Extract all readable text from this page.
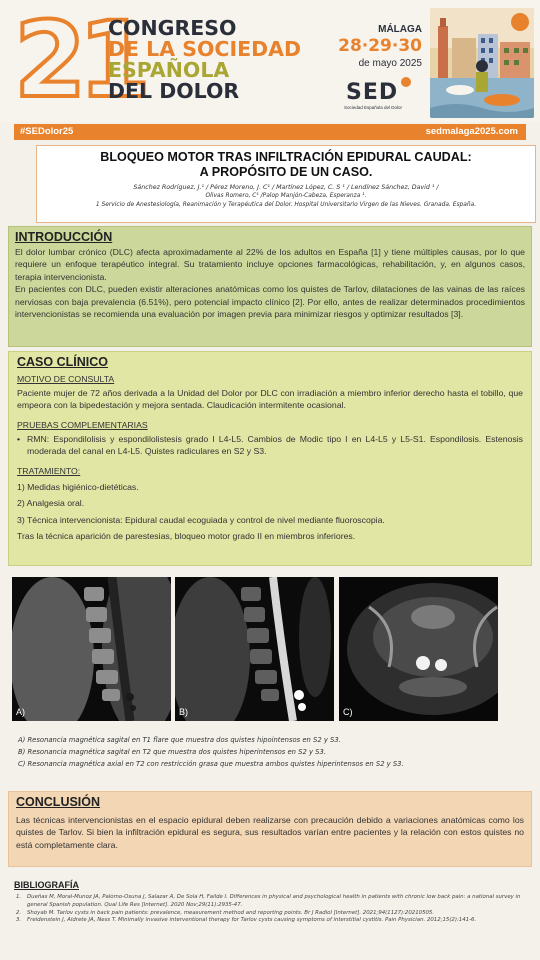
21
CONGRESO
DE LA SOCIEDAD
ESPAÑOLA
DEL DOLOR
MÁLAGA
28·29·30
de mayo 2025
SED
Sociedad Española del Dolor
#SEDolor25	sedmalaga2025.com
BLOQUEO MOTOR TRAS INFILTRACIÓN EPIDURAL CAUDAL:
A PROPÓSITO DE UN CASO.
Sánchez Rodríguez, J.¹ / Pérez Moreno, J. C¹ / Martínez López, C. S ¹ / Lendínez Sánchez, David ¹ /
Olivas Romero, C¹ /Palop Manjón-Cabeza, Esperanza ¹.
1 Servicio de Anestesiología, Reanimación y Terapéutica del Dolor. Hospital Universitario Virgen de las Nieves. Granada. España.
INTRODUCCIÓN
El dolor lumbar crónico (DLC) afecta aproximadamente al 22% de los adultos en España [1] y tiene múltiples causas, por lo que requiere un enfoque terapéutico integral. Su tratamiento incluye opciones farmacológicas, rehabilitación, y, en algunos casos, terapia intervencionista.
En pacientes con DLC, pueden existir alteraciones anatómicas como los quistes de Tarlov, dilataciones de las vainas de las raíces nerviosas con baja prevalencia (6.51%), pero potencial impacto clínico [2]. Por ello, antes de realizar determinados procedimientos intervencionistas se recomienda una evaluación por imagen previa para minimizar riesgos y optimizar resultados [3].
CASO CLÍNICO
MOTIVO DE CONSULTA
Paciente mujer de 72 años derivada a la Unidad del Dolor por DLC con irradiación a miembro inferior derecho hasta el tobillo, que empeora con la bipedestación y mejora sentada. Claudicación intermitente ocasional.
PRUEBAS COMPLEMENTARIAS
• RMN: Espondilolisis y espondilolistesis grado I L4-L5. Cambios de Modic tipo I en L4-L5 y L5-S1. Espondilosis. Estenosis moderada del canal en L4-L5. Quistes radiculares en S2 y S3.
TRATAMIENTO:
1) Medidas higiénico-dietéticas.
2) Analgesia oral.
3) Técnica intervencionista: Epidural caudal ecoguiada y control de nivel mediante fluoroscopia.
Tras la técnica aparición de parestesias, bloqueo motor grado II en miembros inferiores.
A)	B)	C)
A) Resonancia magnética sagital en T1 flare que muestra dos quistes hipointensos en S2 y S3.
B) Resonancia magnética sagital en T2 que muestra dos quistes hiperintensos en S2 y S3.
C) Resonancia magnética axial en T2 con restricción grasa que muestra ambos quistes hiperintensos en S2 y S3.
CONCLUSIÓN
Las técnicas intervencionistas en el espacio epidural deben realizarse con precaución debido a variaciones anatómicas como los quistes de Tarlov. Si bien la infiltración epidural es segura, sus resultados varían entre pacientes y la relación con estos quistes no está completamente clara.
BIBLIOGRAFÍA
1. Dueñas M, Moral-Munoz JA, Palomo-Osuna J, Salazar A, De Sola H, Failde I. Differences in physical and psychological health in patients with chronic low back pain: a national survey in general Spanish population. Qual Life Res [Internet]. 2020 Nov;29(11):2935-47.
2. Shoyab M. Tarlov cysts in back pain patients: prevalence, measurement method and reporting points. Br J Radiol [Internet]. 2021;94(1127):20210505.
3. Freidenstein J, Aldrete JA, Ness T. Minimally invasive interventional therapy for Tarlov cysts causing symptoms of interstitial cystitis. Pain Physician. 2012;15(2):141-6.
